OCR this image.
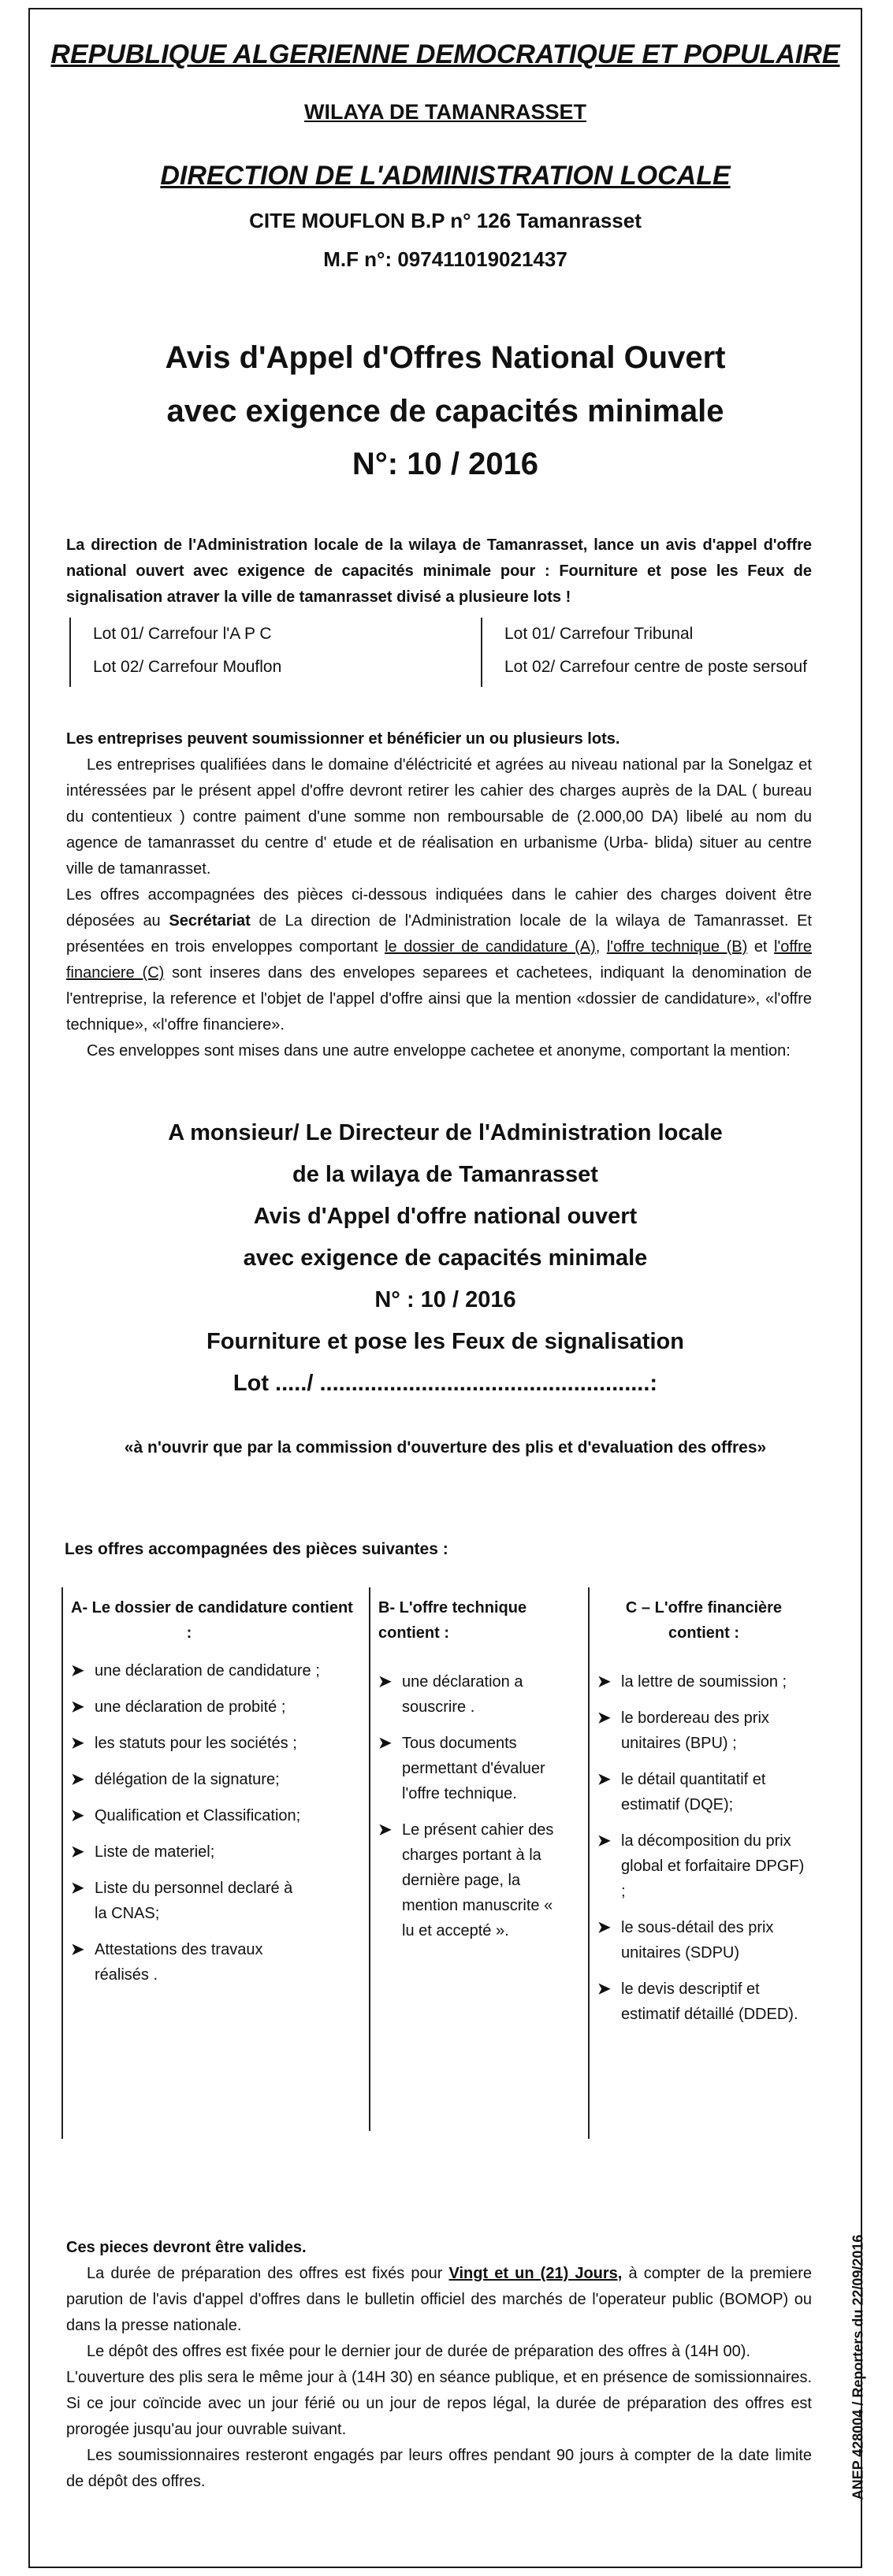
REPUBLIQUE ALGERIENNE DEMOCRATIQUE ET POPULAIRE
WILAYA DE TAMANRASSET
DIRECTION DE L'ADMINISTRATION LOCALE
CITE MOUFLON B.P n° 126 Tamanrasset
M.F n°: 097411019021437
Avis d'Appel d'Offres National Ouvert
avec exigence de capacités minimale
N°: 10 / 2016
La direction de l'Administration locale de la wilaya de Tamanrasset, lance un avis d'appel d'offre national ouvert avec exigence de capacités minimale pour : Fourniture et pose les Feux de signalisation atraver la ville de tamanrasset divisé a plusieure lots !
Lot 01/ Carrefour l'A P C
Lot 02/ Carrefour Mouflon
Lot 01/ Carrefour Tribunal
Lot 02/ Carrefour centre de poste sersouf

Les entreprises peuvent soumissionner et bénéficier un ou plusieurs lots.

Les entreprises qualifiées dans le domaine d'éléctricité et agrées au niveau national par la Sonelgaz et intéressées par le présent appel d'offre devront retirer les cahier des charges auprès de la DAL ( bureau du contentieux ) contre paiment d'une somme non remboursable de (2.000,00 DA) libelé au nom du agence de tamanrasset du centre d' etude et de réalisation en urbanisme (Urba- blida) situer au centre ville de tamanrasset.

Les offres accompagnées des pièces ci-dessous indiquées dans le cahier des charges doivent être déposées au Secrétariat de La direction de l'Administration locale de la wilaya de Tamanrasset. Et présentées en trois enveloppes comportant le dossier de candidature (A), l'offre technique (B) et l'offre financiere (C) sont inseres dans des envelopes separees et cachetees, indiquant la denomination de l'entreprise, la reference et l'objet de l'appel d'offre ainsi que la mention «dossier de candidature», «l'offre technique», «l'offre financiere».

Ces enveloppes sont mises dans une autre enveloppe cachetee et anonyme, comportant la mention:

A monsieur/ Le Directeur de l'Administration locale
de la wilaya de Tamanrasset
Avis d'Appel d'offre national ouvert
avec exigence de capacités minimale
N° : 10 / 2016
Fourniture et pose les Feux de signalisation
Lot ...../ ....................................................:
«à n'ouvrir que par la commission d'ouverture des plis et d'evaluation des offres»
Les offres accompagnées des pièces suivantes :
A- Le dossier de candidature contient
:
➤ une déclaration de candidature ;
➤ une déclaration de probité ;
➤ les statuts pour les sociétés ;
➤ délégation de la signature;
➤ Qualification et Classification;
➤ Liste de materiel;
➤ Liste du personnel declaré à la CNAS;
➤ Attestations des travaux réalisés .
B- L'offre technique contient :
➤ une déclaration a souscrire .
➤ Tous documents permettant d'évaluer l'offre technique.
➤ Le présent cahier des charges portant à la dernière page, la mention manuscrite « lu et accepté ».
C – L'offre financière contient :
➤ la lettre de soumission ;
➤ le bordereau des prix unitaires (BPU) ;
➤ le détail quantitatif et estimatif (DQE);
➤ la décomposition du prix global et forfaitaire DPGF) ;
➤ le sous-détail des prix unitaires (SDPU)
➤ le devis descriptif et estimatif détaillé (DDED).

Ces pieces devront être valides.

La durée de préparation des offres est fixés pour Vingt et un (21) Jours, à compter de la premiere parution de l'avis d'appel d'offres dans le bulletin officiel des marchés de l'operateur public (BOMOP) ou dans la presse nationale.

Le dépôt des offres est fixée pour le dernier jour de durée de préparation des offres à (14H 00).

L'ouverture des plis sera le même jour à (14H 30) en séance publique, et en présence de somissionnaires. Si ce jour coïncide avec un jour férié ou un jour de repos légal, la durée de préparation des offres est prorogée jusqu'au jour ouvrable suivant.

Les soumissionnaires resteront engagés par leurs offres pendant 90 jours à compter de la date limite de dépôt des offres.	ANEP 428004 / Reporters du 22/09/2016
